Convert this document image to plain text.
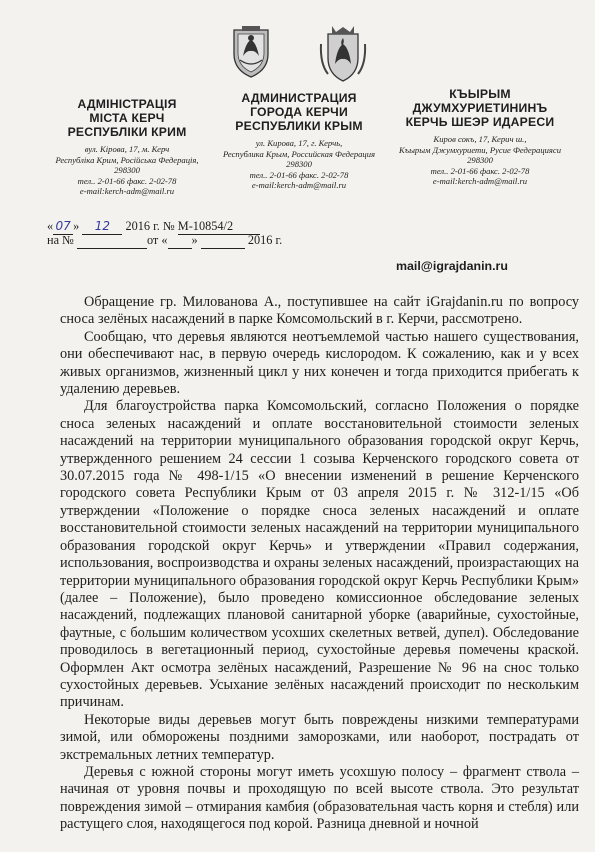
АДМІНІСТРАЦІЯ
МІСТА КЕРЧ
РЕСПУБЛІКИ КРИМ
вул. Кірова, 17, м. Керч
Республіка Крим, Російська Федерація,
298300
тел.. 2-01-66 факс. 2-02-78
e-mail:kerch-adm@mail.ru
АДМИНИСТРАЦИЯ
ГОРОДА КЕРЧИ
РЕСПУБЛИКИ КРЫМ
ул. Кирова, 17, г. Керчь,
Республика Крым, Российская Федерация
298300
тел.. 2-01-66 факс. 2-02-78
e-mail:kerch-adm@mail.ru
КЪЫРЫМ
ДЖУМХУРИЕТИНИНЪ
КЕРЧЬ ШЕЭР ИДАРЕСИ
Киров сокъ, 17, Керич ш.,
Къырым Джумхуриети, Русие Федерацияси
298300
тел.. 2-01-66 факс. 2-02-78
e-mail:kerch-adm@mail.ru
« 07 » 12 2016 г. № М-10854/2
на №	от « »	2016 г.
mail@igrajdanin.ru

Обращение гр. Милованова А., поступившее на сайт iGrajdanin.ru по вопросу сноса зелёных насаждений в парке Комсомольский в г. Керчи, рассмотрено.

Сообщаю, что деревья являются неотъемлемой частью нашего существования, они обеспечивают нас, в первую очередь кислородом. К сожалению, как и у всех живых организмов, жизненный цикл у них конечен и тогда приходится прибегать к удалению деревьев.

Для благоустройства парка Комсомольский, согласно Положения о порядке сноса зеленых насаждений и оплате восстановительной стоимости зеленых насаждений на территории муниципального образования городской округ Керчь, утвержденного решением 24 сессии 1 созыва Керченского городского совета от 30.07.2015 года № 498-1/15 «О внесении изменений в решение Керченского городского совета Республики Крым от 03 апреля 2015 г. № 312-1/15 «Об утверждении «Положение о порядке сноса зеленых насаждений и оплате восстановительной стоимости зеленых насаждений на территории муниципального образования городской округ Керчь» и утверждении «Правил содержания, использования, воспроизводства и охраны зеленых насаждений, произрастающих на территории муниципального образования городской округ Керчь Республики Крым» (далее – Положение), было проведено комиссионное обследование зеленых насаждений, подлежащих плановой санитарной уборке (аварийные, сухостойные, фаутные, с большим количеством усохших скелетных ветвей, дупел). Обследование проводилось в вегетационный период, сухостойные деревья помечены краской. Оформлен Акт осмотра зелёных насаждений, Разрешение № 96 на снос только сухостойных деревьев. Усыхание зелёных насаждений происходит по нескольким причинам.

Некоторые виды деревьев могут быть повреждены низкими температурами зимой, или обморожены поздними заморозками, или наоборот, пострадать от экстремальных летних температур.

Деревья с южной стороны могут иметь усохшую полосу – фрагмент ствола – начиная от уровня почвы и проходящую по всей высоте ствола. Это результат повреждения зимой – отмирания камбия (образовательная часть корня и стебля) или растущего слоя, находящегося под корой. Разница дневной и ночной
